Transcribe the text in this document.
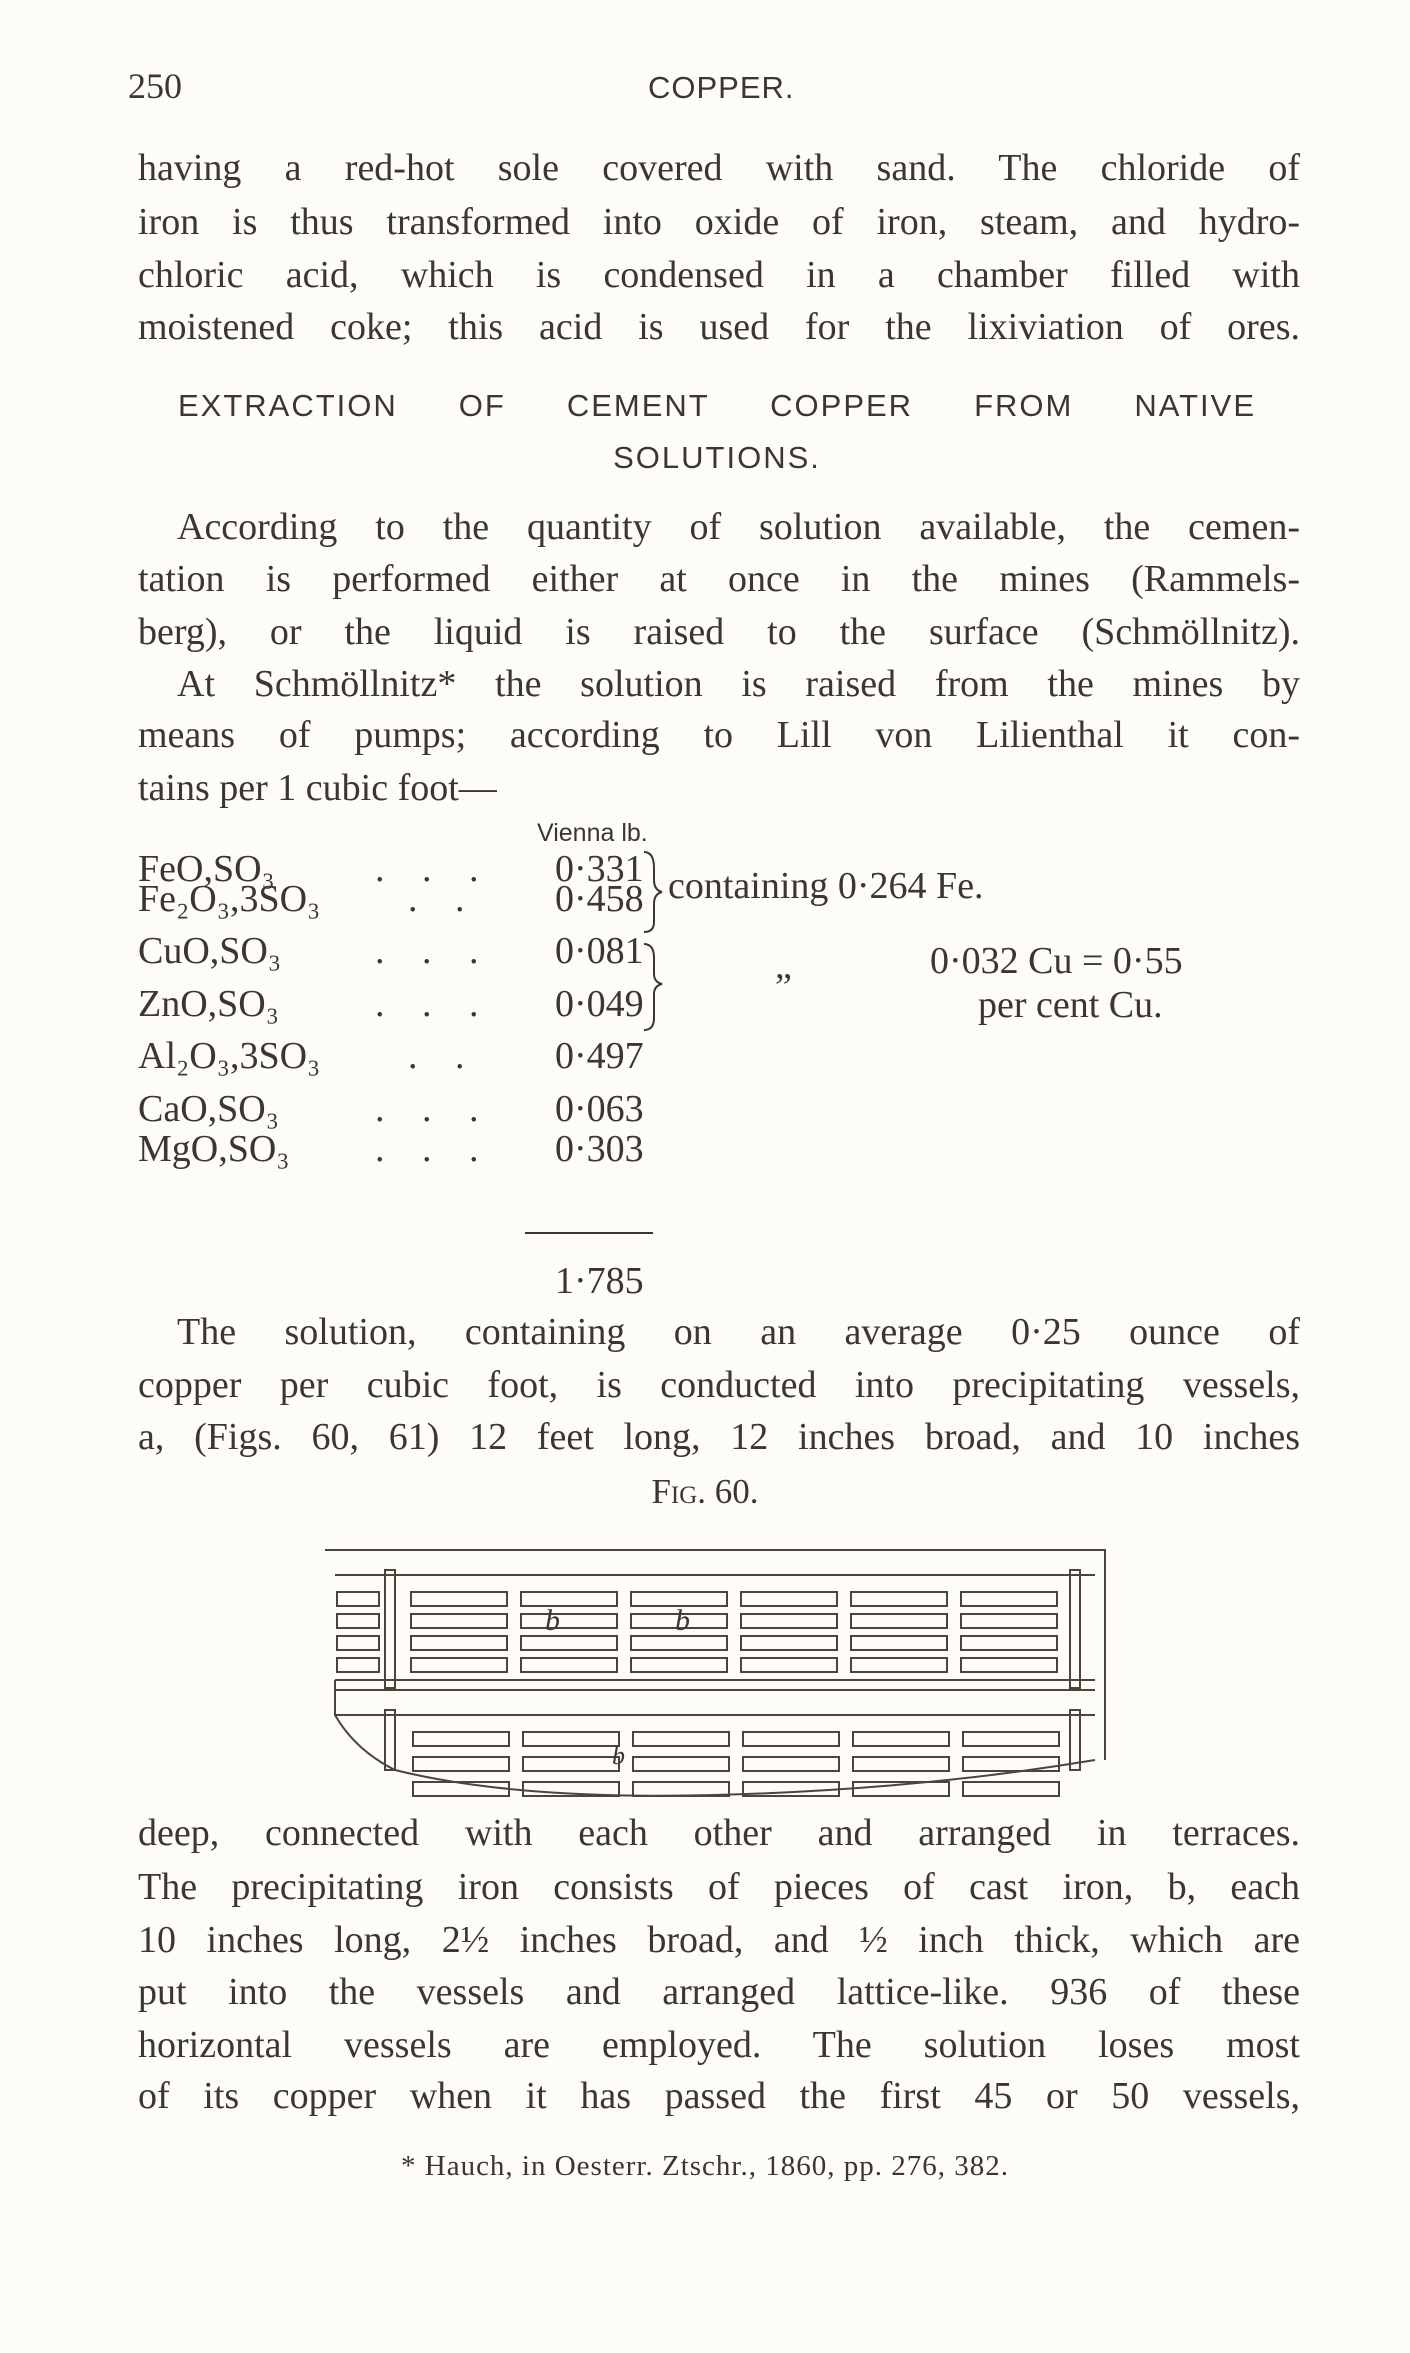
250	COPPER.
having a red-hot sole covered with sand. The chloride of
iron is thus transformed into oxide of iron, steam, and hydro-
chloric acid, which is condensed in a chamber filled with
moistened coke; this acid is used for the lixiviation of ores.
EXTRACTION OF CEMENT COPPER FROM NATIVE
SOLUTIONS.
According to the quantity of solution available, the cemen-
tation is performed either at once in the mines (Rammels-
berg), or the liquid is raised to the surface (Schmöllnitz).
At Schmöllnitz* the solution is raised from the mines by
means of pumps; according to Lill von Lilienthal it con-
tains per 1 cubic foot—
Vienna lb.
FeO,SO₃	. . . 0·331
Fe₂O₃,3SO₃ . . 0·458
CuO,SO₃ . . . 0·081
ZnO,SO₃	. . . 0·049
Al₂O₃,3SO₃ . . 0·497
CaO,SO₃	. . . 0·063
MgO,SO₃ . . . 0·303
containing 0·264 Fe.
„	0·032 Cu = 0·55
per cent Cu.
1·785
The solution, containing on an average 0·25 ounce of
copper per cubic foot, is conducted into precipitating vessels,
a, (Figs. 60, 61) 12 feet long, 12 inches broad, and 10 inches
Fig. 60.
b	b
b
deep, connected with each other and arranged in terraces.
The precipitating iron consists of pieces of cast iron, b, each
10 inches long, 2½ inches broad, and ½ inch thick, which are
put into the vessels and arranged lattice-like. 936 of these
horizontal vessels are employed. The solution loses most
of its copper when it has passed the first 45 or 50 vessels,
* Hauch, in Oesterr. Ztschr., 1860, pp. 276, 382.
